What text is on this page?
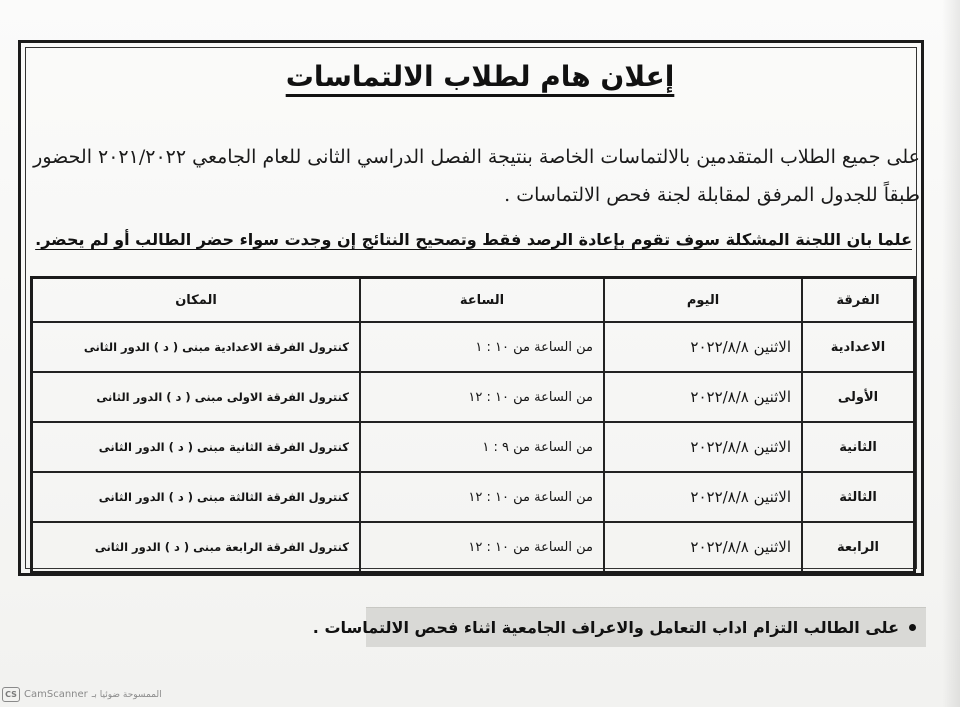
إعلان هام لطلاب الالتماسات
على جميع الطلاب المتقدمين بالالتماسات الخاصة بنتيجة الفصل الدراسي الثانى للعام الجامعي ٢٠٢١/٢٠٢٢ الحضور طبقاً للجدول المرفق لمقابلة لجنة فحص الالتماسات .
علما بان اللجنة المشكلة سوف تقوم بإعادة الرصد فقط وتصحيح النتائج إن وجدت سواء حضر الطالب أو لم يحضر.
الفرقة	اليوم	الساعة	المكان
الاعدادية	الاثنين ٢٠٢٢/٨/٨	من الساعة من ١٠ : ١	كنترول الفرقة الاعدادية مبنى ( د ) الدور الثانى
الأولى	الاثنين ٢٠٢٢/٨/٨	من الساعة من ١٠ : ١٢	كنترول الفرقة الاولى مبنى ( د ) الدور الثانى
الثانية	الاثنين ٢٠٢٢/٨/٨	من الساعة من ٩ : ١	كنترول الفرقة الثانية مبنى ( د ) الدور الثانى
الثالثة	الاثنين ٢٠٢٢/٨/٨	من الساعة من ١٠ : ١٢	كنترول الفرقة الثالثة مبنى ( د ) الدور الثانى
الرابعة	الاثنين ٢٠٢٢/٨/٨	من الساعة من ١٠ : ١٢	كنترول الفرقة الرابعة مبنى ( د ) الدور الثانى
على الطالب التزام اداب التعامل والاعراف الجامعية اثناء فحص الالتماسات .
CS CamScanner الممسوحة ضوئيا بـ
